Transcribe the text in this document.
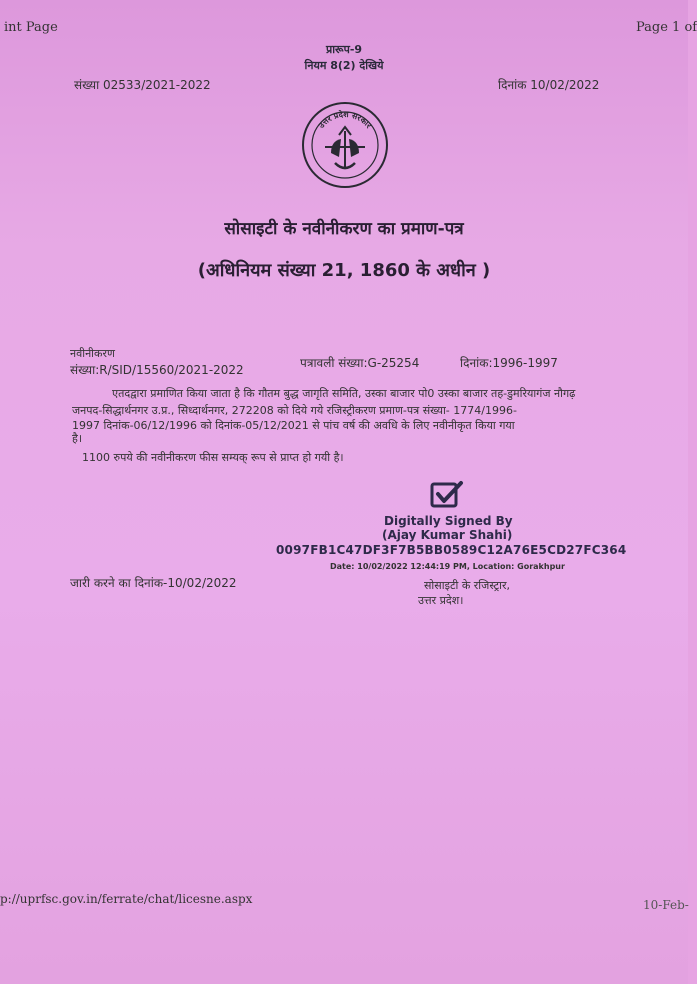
int Page	Page 1 of
प्रारूप-9
नियम 8(2) देखिये
संख्या 02533/2021-2022	दिनांक 10/02/2022
उत्तर प्रदेश सरकार
सोसाइटी के नवीनीकरण का प्रमाण-पत्र
(अधिनियम संख्या 21, 1860 के अधीन )
नवीनीकरण
संख्या:R/SID/15560/2021-2022	पत्रावली संख्या:G-25254	दिनांक:1996-1997
एतदद्वारा प्रमाणित किया जाता है कि गौतम बुद्ध जागृति समिति, उस्का बाजार पो0 उस्का बाजार तह-डुमरियागंज नौगढ़
जनपद-सिद्धार्थनगर उ.प्र., सिध्दार्थनगर, 272208 को दिये गये रजिस्ट्रीकरण प्रमाण-पत्र संख्या- 1774/1996-
1997 दिनांक-06/12/1996 को दिनांक-05/12/2021 से पांच वर्ष की अवधि के लिए नवीनीकृत किया गया
है।
1100 रुपये की नवीनीकरण फीस सम्यक् रूप से प्राप्त हो गयी है।
Digitally Signed By
(Ajay Kumar Shahi)
0097FB1C47DF3F7B5BB0589C12A76E5CD27FC364
Date: 10/02/2022 12:44:19 PM, Location: Gorakhpur
जारी करने का दिनांक-10/02/2022	सोसाइटी के रजिस्ट्रार,
उत्तर प्रदेश।
p://uprfsc.gov.in/ferrate/chat/licesne.aspx	10-Feb-
